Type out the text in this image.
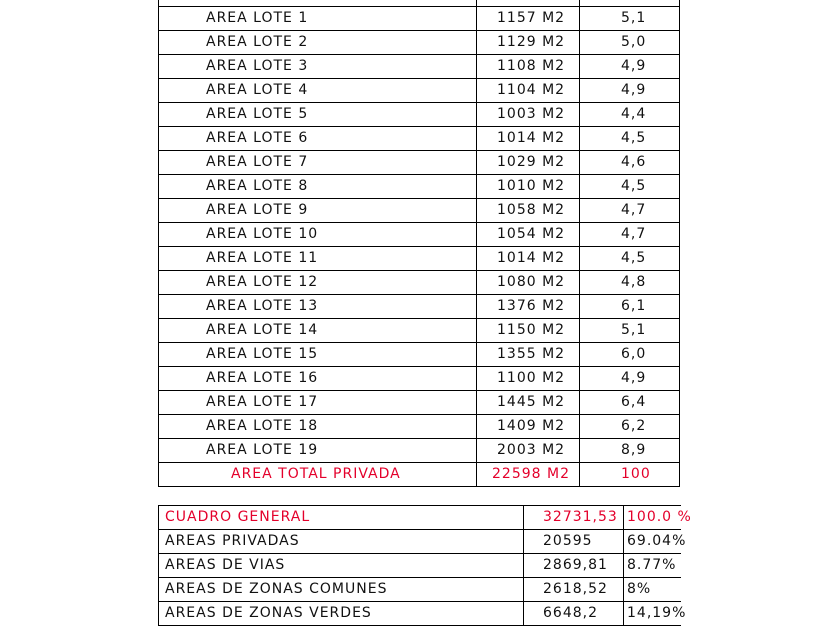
AREA LOTE 1	1157 M2	5,1
AREA LOTE 2	1129 M2	5,0
AREA LOTE 3	1108 M2	4,9
AREA LOTE 4	1104 M2	4,9
AREA LOTE 5	1003 M2	4,4
AREA LOTE 6	1014 M2	4,5
AREA LOTE 7	1029 M2	4,6
AREA LOTE 8	1010 M2	4,5
AREA LOTE 9	1058 M2	4,7
AREA LOTE 10	1054 M2	4,7
AREA LOTE 11	1014 M2	4,5
AREA LOTE 12	1080 M2	4,8
AREA LOTE 13	1376 M2	6,1
AREA LOTE 14	1150 M2	5,1
AREA LOTE 15	1355 M2	6,0
AREA LOTE 16	1100 M2	4,9
AREA LOTE 17	1445 M2	6,4
AREA LOTE 18	1409 M2	6,2
AREA LOTE 19	2003 M2	8,9
AREA TOTAL PRIVADA	22598 M2	100
CUADRO GENERAL	32731,53 100.0 %
AREAS PRIVADAS	20595 69.04%
AREAS DE VIAS	2869,81 8.77%
AREAS DE ZONAS COMUNES	2618,52 8%
AREAS DE ZONAS VERDES	6648,2 14,19%
